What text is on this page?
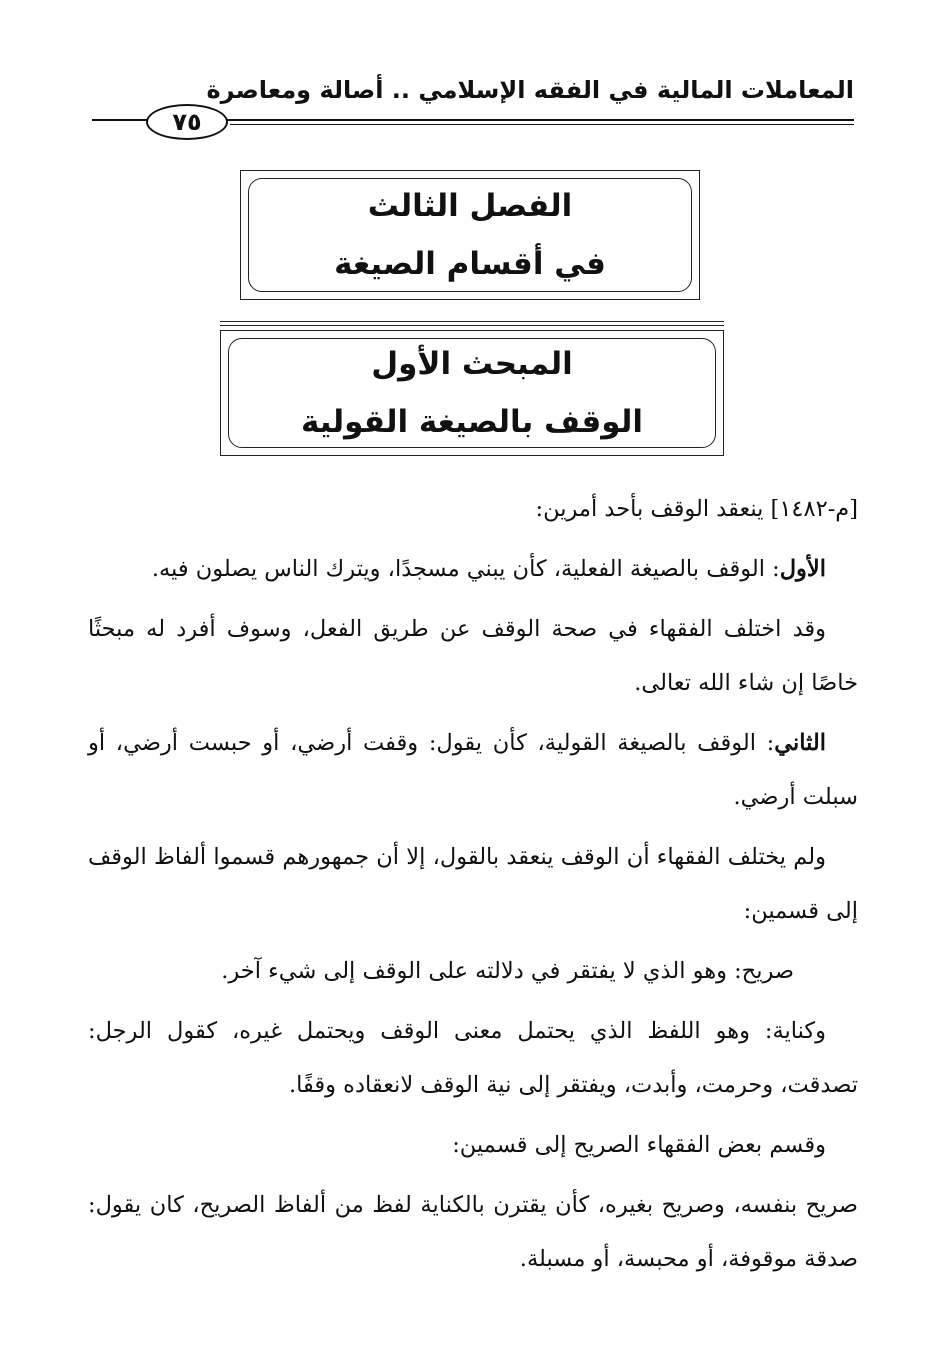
المعاملات المالية في الفقه الإسلامي .. أصالة ومعاصرة
٧٥
الفصل الثالث
في أقسام الصيغة
المبحث الأول
الوقف بالصيغة القولية

[م-١٤٨٢] ينعقد الوقف بأحد أمرين:

الأول: الوقف بالصيغة الفعلية، كأن يبني مسجدًا، ويترك الناس يصلون فيه.

وقد اختلف الفقهاء في صحة الوقف عن طريق الفعل، وسوف أفرد له مبحثًا خاصًا إن شاء الله تعالى.

الثاني: الوقف بالصيغة القولية، كأن يقول: وقفت أرضي، أو حبست أرضي، أو سبلت أرضي.

ولم يختلف الفقهاء أن الوقف ينعقد بالقول، إلا أن جمهورهم قسموا ألفاظ الوقف إلى قسمين:

صريح: وهو الذي لا يفتقر في دلالته على الوقف إلى شيء آخر.

وكناية: وهو اللفظ الذي يحتمل معنى الوقف ويحتمل غيره، كقول الرجل: تصدقت، وحرمت، وأبدت، ويفتقر إلى نية الوقف لانعقاده وقفًا.

وقسم بعض الفقهاء الصريح إلى قسمين:

صريح بنفسه، وصريح بغيره، كأن يقترن بالكناية لفظ من ألفاظ الصريح، كان يقول: صدقة موقوفة، أو محبسة، أو مسبلة.
